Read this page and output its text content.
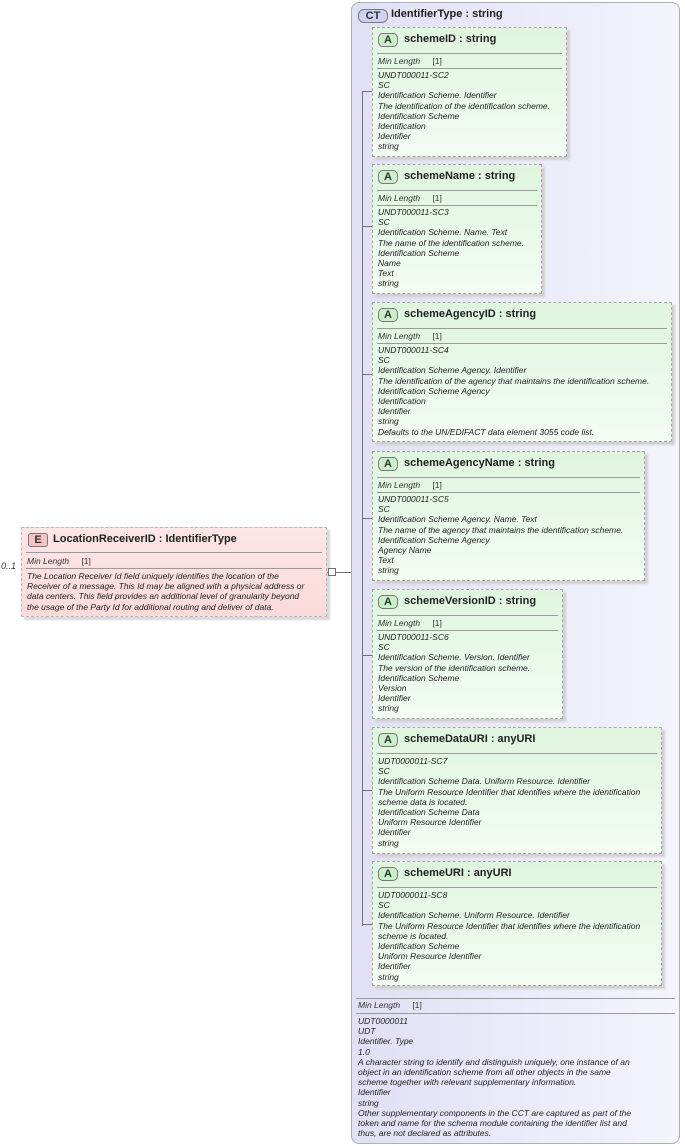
0..1
E	LocationReceiverID : IdentifierType
Min Length [1]
The Location Receiver Id field uniquely identifies the location of the
Receiver of a message. This Id may be aligned with a physical address or
data centers. This field provides an additional level of granularity beyond
the usage of the Party Id for additional routing and deliver of data.
CT IdentifierType : string
Min Length [1]
UDT0000011
UDT
Identifier. Type
1.0
A character string to identify and distinguish uniquely, one instance of an
object in an identification scheme from all other objects in the same
scheme together with relevant supplementary information.
Identifier
string
Other supplementary components in the CCT are captured as part of the
token and name for the schema module containing the identifier list and
thus, are not declared as attributes.
A	schemeID : string
Min Length [1]
UNDT000011-SC2
SC
Identification Scheme. Identifier
The identification of the identification scheme.
Identification Scheme
Identification
Identifier
string
A	schemeName : string
Min Length [1]
UNDT000011-SC3
SC
Identification Scheme. Name. Text
The name of the identification scheme.
Identification Scheme
Name
Text
string
A	schemeAgencyID : string
Min Length [1]
UNDT000011-SC4
SC
Identification Scheme Agency. Identifier
The identification of the agency that maintains the identification scheme.
Identification Scheme Agency
Identification
Identifier
string
Defaults to the UN/EDIFACT data element 3055 code list.
A	schemeAgencyName : string
Min Length [1]
UNDT000011-SC5
SC
Identification Scheme Agency. Name. Text
The name of the agency that maintains the identification scheme.
Identification Scheme Agency
Agency Name
Text
string
A	schemeVersionID : string
Min Length [1]
UNDT000011-SC6
SC
Identification Scheme. Version. Identifier
The version of the identification scheme.
Identification Scheme
Version
Identifier
string
A	schemeDataURI : anyURI
UDT0000011-SC7
SC
Identification Scheme Data. Uniform Resource. Identifier
The Uniform Resource Identifier that identifies where the identification
scheme data is located.
Identification Scheme Data
Uniform Resource Identifier
Identifier
string
A	schemeURI : anyURI
UDT0000011-SC8
SC
Identification Scheme. Uniform Resource. Identifier
The Uniform Resource Identifier that identifies where the identification
scheme is located.
Identification Scheme
Uniform Resource Identifier
Identifier
string
